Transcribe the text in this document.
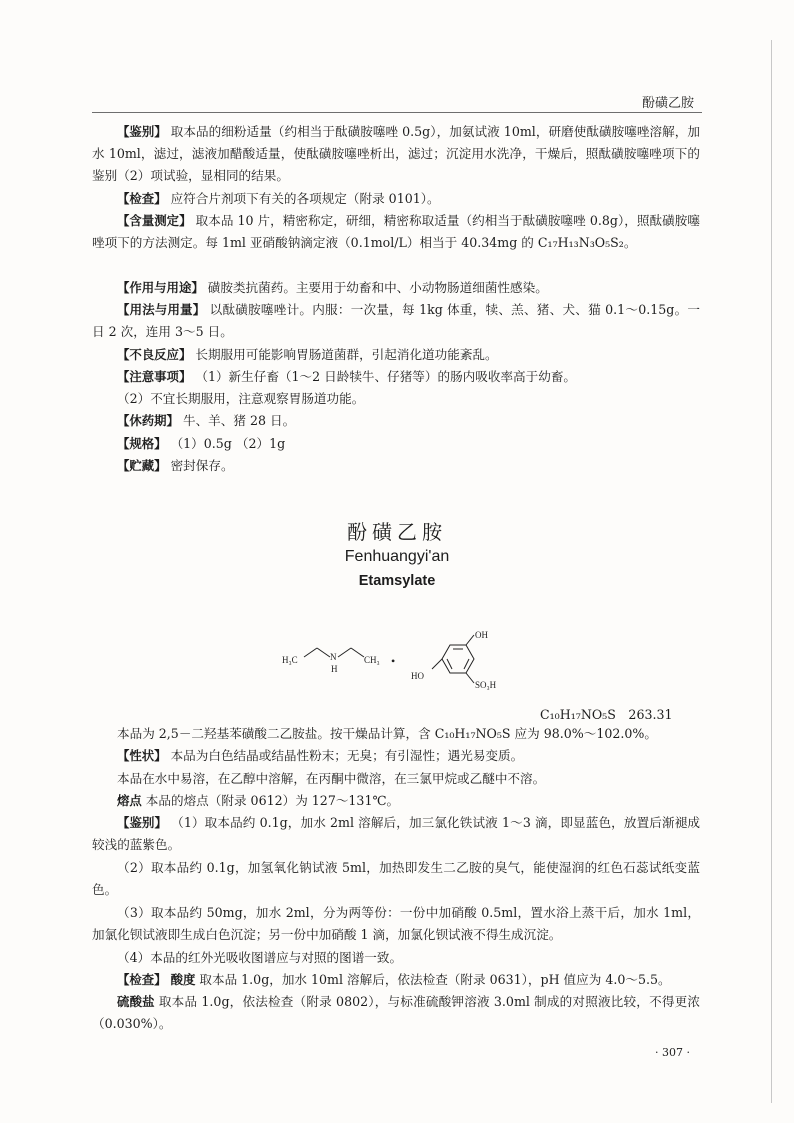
酚磺乙胺

【鉴别】 取本品的细粉适量（约相当于酞磺胺噻唑 0.5g），加氨试液 10ml，研磨使酞磺胺噻唑溶解，加水 10ml，滤过，滤液加醋酸适量，使酞磺胺噻唑析出，滤过；沉淀用水洗净，干燥后，照酞磺胺噻唑项下的鉴别（2）项试验，显相同的结果。

【检查】 应符合片剂项下有关的各项规定（附录 0101）。

【含量测定】 取本品 10 片，精密称定，研细，精密称取适量（约相当于酞磺胺噻唑 0.8g），照酞磺胺噻唑项下的方法测定。每 1ml 亚硝酸钠滴定液（0.1mol/L）相当于 40.34mg 的 C₁₇H₁₃N₃O₅S₂。

【作用与用途】 磺胺类抗菌药。主要用于幼畜和中、小动物肠道细菌性感染。

【用法与用量】 以酞磺胺噻唑计。内服：一次量，每 1kg 体重，犊、羔、猪、犬、猫 0.1～0.15g。一日 2 次，连用 3～5 日。

【不良反应】 长期服用可能影响胃肠道菌群，引起消化道功能紊乱。

【注意事项】 （1）新生仔畜（1～2 日龄犊牛、仔猪等）的肠内吸收率高于幼畜。

（2）不宜长期服用，注意观察胃肠道功能。

【休药期】 牛、羊、猪 28 日。

【规格】 （1）0.5g （2）1g

【贮藏】 密封保存。

酚磺乙胺
Fenhuangyi'an
Etamsylate
H₃C	N
H
CH₃ •
OH
HO
SO₃H
C₁₀H₁₇NO₅S　263.31

本品为 2,5－二羟基苯磺酸二乙胺盐。按干燥品计算，含 C₁₀H₁₇NO₅S 应为 98.0%～102.0%。

【性状】 本品为白色结晶或结晶性粉末；无臭；有引湿性；遇光易变质。

本品在水中易溶，在乙醇中溶解，在丙酮中微溶，在三氯甲烷或乙醚中不溶。

熔点 本品的熔点（附录 0612）为 127～131℃。

【鉴别】 （1）取本品约 0.1g，加水 2ml 溶解后，加三氯化铁试液 1～3 滴，即显蓝色，放置后渐褪成较浅的蓝紫色。

（2）取本品约 0.1g，加氢氧化钠试液 5ml，加热即发生二乙胺的臭气，能使湿润的红色石蕊试纸变蓝色。

（3）取本品约 50mg，加水 2ml，分为两等份：一份中加硝酸 0.5ml，置水浴上蒸干后，加水 1ml，加氯化钡试液即生成白色沉淀；另一份中加硝酸 1 滴，加氯化钡试液不得生成沉淀。

（4）本品的红外光吸收图谱应与对照的图谱一致。

【检查】 酸度 取本品 1.0g，加水 10ml 溶解后，依法检查（附录 0631），pH 值应为 4.0～5.5。

硫酸盐 取本品 1.0g，依法检查（附录 0802），与标准硫酸钾溶液 3.0ml 制成的对照液比较，不得更浓（0.030%）。

· 307 ·
